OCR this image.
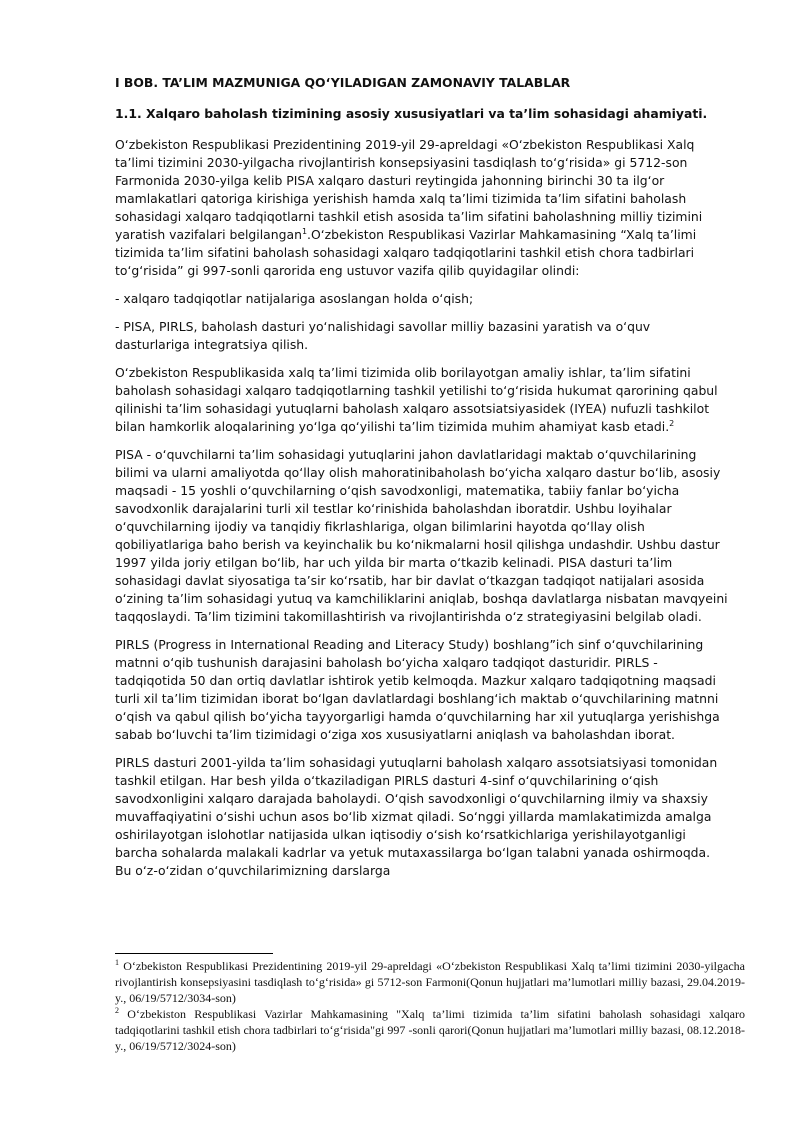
I BOB. TA’LIM MAZMUNIGA QO‘YILADIGAN ZAMONAVIY TALABLAR
1.1. Xalqaro baholash tizimining asosiy xususiyatlari va ta’lim sohasidagi ahamiyati.

O‘zbekiston Respublikasi Prezidentining 2019-yil 29-apreldagi «O‘zbekiston Respublikasi Xalq ta’limi tizimini 2030-yilgacha rivojlantirish konsepsiyasini tasdiqlash to‘g‘risida» gi 5712-son Farmonida 2030-yilga kelib PISA xalqaro dasturi reytingida jahonning birinchi 30 ta ilg‘or mamlakatlari qatoriga kirishiga yerishish hamda xalq ta’limi tizimida ta’lim sifatini baholash sohasidagi xalqaro tadqiqotlarni tashkil etish asosida ta’lim sifatini baholashning milliy tizimini yaratish vazifalari belgilangan$^1$.O‘zbekiston Respublikasi Vazirlar Mahkamasining “Xalq ta’limi tizimida ta’lim sifatini baholash sohasidagi xalqaro tadqiqotlarini tashkil etish chora tadbirlari to‘g‘risida” gi 997-sonli qarorida eng ustuvor vazifa qilib quyidagilar olindi:

- xalqaro tadqiqotlar natijalariga asoslangan holda o‘qish;

- PISA, PIRLS, baholash dasturi yo‘nalishidagi savollar milliy bazasini yaratish va o‘quv dasturlariga integratsiya qilish.

O‘zbekiston Respublikasida xalq ta’limi tizimida olib borilayotgan amaliy ishlar, ta’lim sifatini baholash sohasidagi xalqaro tadqiqotlarning tashkil yetilishi to‘g‘risida hukumat qarorining qabul qilinishi ta’lim sohasidagi yutuqlarni baholash xalqaro assotsiatsiyasidek (IYEA) nufuzli tashkilot bilan hamkorlik aloqalarining yo‘lga qo‘yilishi ta’lim tizimida muhim ahamiyat kasb etadi.$^2$

PISA - o‘quvchilarni ta’lim sohasidagi yutuqlarini jahon davlatlaridagi maktab o‘quvchilarining bilimi va ularni amaliyotda qo‘llay olish mahoratinibaholash bo‘yicha xalqaro dastur bo‘lib, asosiy maqsadi - 15 yoshli o‘quvchilarning o‘qish savodxonligi, matematika, tabiiy fanlar bo‘yicha savodxonlik darajalarini turli xil testlar ko‘rinishida baholashdan iboratdir. Ushbu loyihalar o‘quvchilarning ijodiy va tanqidiy fikrlashlariga, olgan bilimlarini hayotda qo‘llay olish qobiliyatlariga baho berish va keyinchalik bu ko‘nikmalarni hosil qilishga undashdir. Ushbu dastur 1997 yilda joriy etilgan bo‘lib, har uch yilda bir marta o‘tkazib kelinadi. PISA dasturi ta’lim sohasidagi davlat siyosatiga ta’sir ko‘rsatib, har bir davlat o‘tkazgan tadqiqot natijalari asosida o‘zining ta’lim sohasidagi yutuq va kamchiliklarini aniqlab, boshqa davlatlarga nisbatan mavqyeini taqqoslaydi. Ta’lim tizimini takomillashtirish va rivojlantirishda o‘z strategiyasini belgilab oladi.

PIRLS (Progress in International Reading and Literacy Study) boshlang”ich sinf o‘quvchilarining matnni o‘qib tushunish darajasini baholash bo‘yicha xalqaro tadqiqot dasturidir. PIRLS - tadqiqotida 50 dan ortiq davlatlar ishtirok yetib kelmoqda. Mazkur xalqaro tadqiqotning maqsadi turli xil ta’lim tizimidan iborat bo‘lgan davlatlardagi boshlang‘ich maktab o‘quvchilarining matnni o‘qish va qabul qilish bo‘yicha tayyorgarligi hamda o‘quvchilarning har xil yutuqlarga yerishishga sabab bo‘luvchi ta’lim tizimidagi o‘ziga xos xususiyatlarni aniqlash va baholashdan iborat.

PIRLS dasturi 2001-yilda ta’lim sohasidagi yutuqlarni baholash xalqaro assotsiatsiyasi tomonidan tashkil etilgan. Har besh yilda o‘tkaziladigan PIRLS dasturi 4-sinf o‘quvchilarining o‘qish savodxonligini xalqaro darajada baholaydi. O‘qish savodxonligi o‘quvchilarning ilmiy va shaxsiy muvaffaqiyatini o‘sishi uchun asos bo‘lib xizmat qiladi. So‘nggi yillarda mamlakatimizda amalga oshirilayotgan islohotlar natijasida ulkan iqtisodiy o‘sish ko‘rsatkichlariga yerishilayotganligi barcha sohalarda malakali kadrlar va yetuk mutaxassilarga bo‘lgan talabni yanada oshirmoqda. Bu o‘z-o‘zidan o‘quvchilarimizning darslarga

$^1$ O‘zbekiston Respublikasi Prezidentining 2019-yil 29-apreldagi «O‘zbekiston Respublikasi Xalq ta’limi tizimini 2030-yilgacha rivojlantirish konsepsiyasini tasdiqlash to‘g‘risida» gi 5712-son Farmoni(Qonun hujjatlari ma’lumotlari milliy bazasi, 29.04.2019-y., 06/19/5712/3034-son)

$^2$ O‘zbekiston Respublikasi Vazirlar Mahkamasining "Xalq ta’limi tizimida ta’lim sifatini baholash sohasidagi xalqaro tadqiqotlarini tashkil etish chora tadbirlari to‘g‘risida"gi 997 -sonli qarori(Qonun hujjatlari ma’lumotlari milliy bazasi, 08.12.2018-y., 06/19/5712/3024-son)
